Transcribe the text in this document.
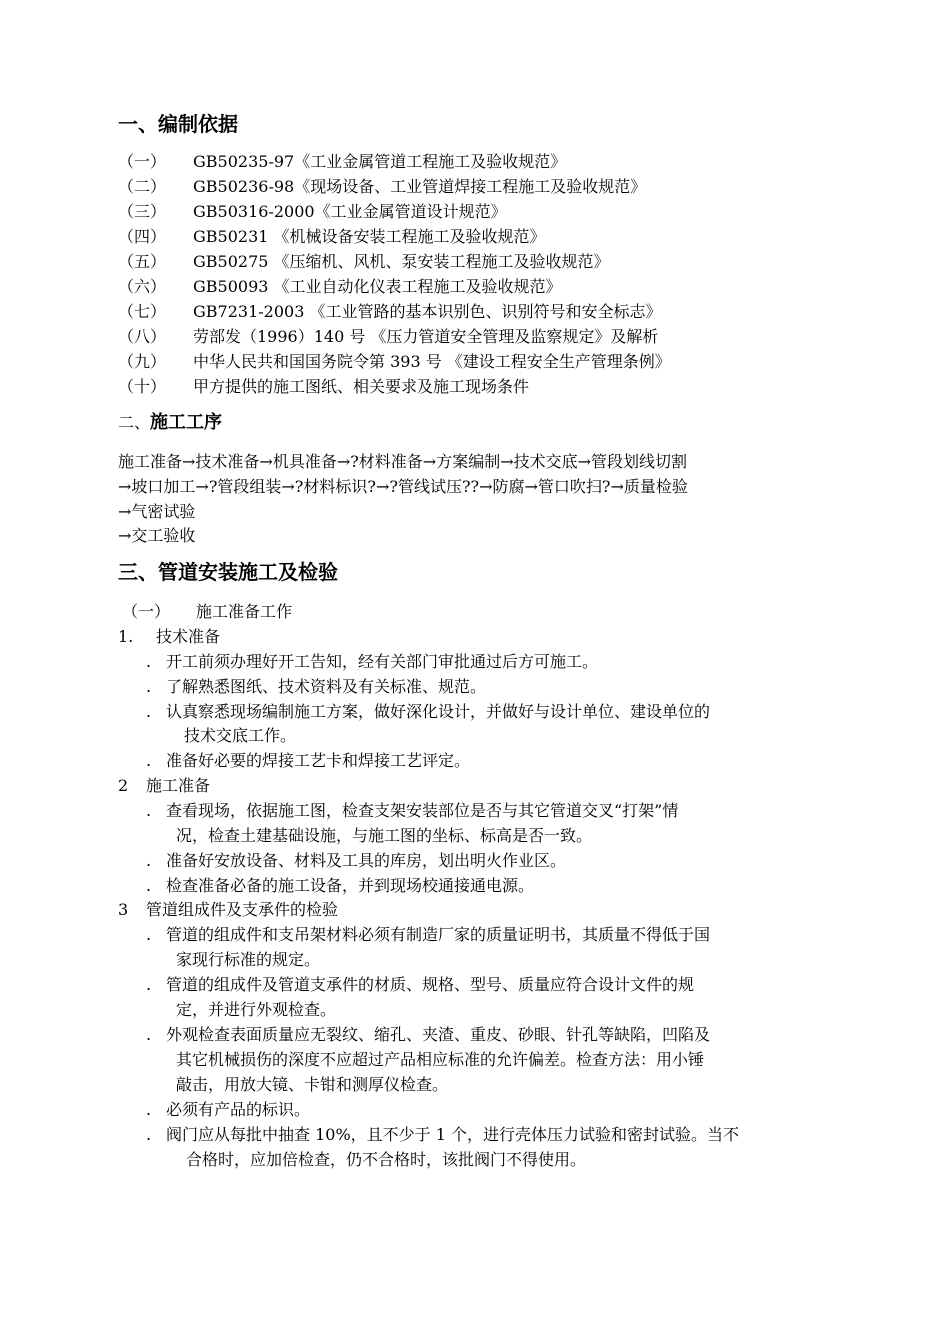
一、编制依据
（一） GB50235-97《工业金属管道工程施工及验收规范》
（二） GB50236-98《现场设备、工业管道焊接工程施工及验收规范》
（三） GB50316-2000《工业金属管道设计规范》
（四） GB50231 《机械设备安装工程施工及验收规范》
（五） GB50275 《压缩机、风机、泵安装工程施工及验收规范》
（六） GB50093 《工业自动化仪表工程施工及验收规范》
（七） GB7231-2003 《工业管路的基本识别色、识别符号和安全标志》
（八） 劳部发（1996）140 号 《压力管道安全管理及监察规定》及解析
（九） 中华人民共和国国务院令第 393 号 《建设工程安全生产管理条例》
（十） 甲方提供的施工图纸、相关要求及施工现场条件
二、施工工序
施工准备→技术准备→机具准备→?材料准备→方案编制→技术交底→管段划线切割
→坡口加工→?管段组装→?材料标识?→?管线试压??→防腐→管口吹扫?→质量检验
→气密试验
→交工验收
三、管道安装施工及检验
（一） 施工准备工作
1. 技术准备
. 开工前须办理好开工告知，经有关部门审批通过后方可施工。
. 了解熟悉图纸、技术资料及有关标准、规范。
. 认真察悉现场编制施工方案，做好深化设计，并做好与设计单位、建设单位的
技术交底工作。
. 准备好必要的焊接工艺卡和焊接工艺评定。
2 施工准备
. 查看现场，依据施工图，检查支架安装部位是否与其它管道交叉“打架”情
况，检查土建基础设施，与施工图的坐标、标高是否一致。
. 准备好安放设备、材料及工具的库房，划出明火作业区。
. 检查准备必备的施工设备，并到现场校通接通电源。
3 管道组成件及支承件的检验
. 管道的组成件和支吊架材料必须有制造厂家的质量证明书，其质量不得低于国
家现行标准的规定。
. 管道的组成件及管道支承件的材质、规格、型号、质量应符合设计文件的规
定，并进行外观检查。
. 外观检查表面质量应无裂纹、缩孔、夹渣、重皮、砂眼、针孔等缺陷，凹陷及
其它机械损伤的深度不应超过产品相应标准的允许偏差。检查方法：用小锤
敲击，用放大镜、卡钳和测厚仪检查。
. 必须有产品的标识。
. 阀门应从每批中抽查 10%，且不少于 1 个，进行壳体压力试验和密封试验。当不
合格时，应加倍检查，仍不合格时，该批阀门不得使用。
